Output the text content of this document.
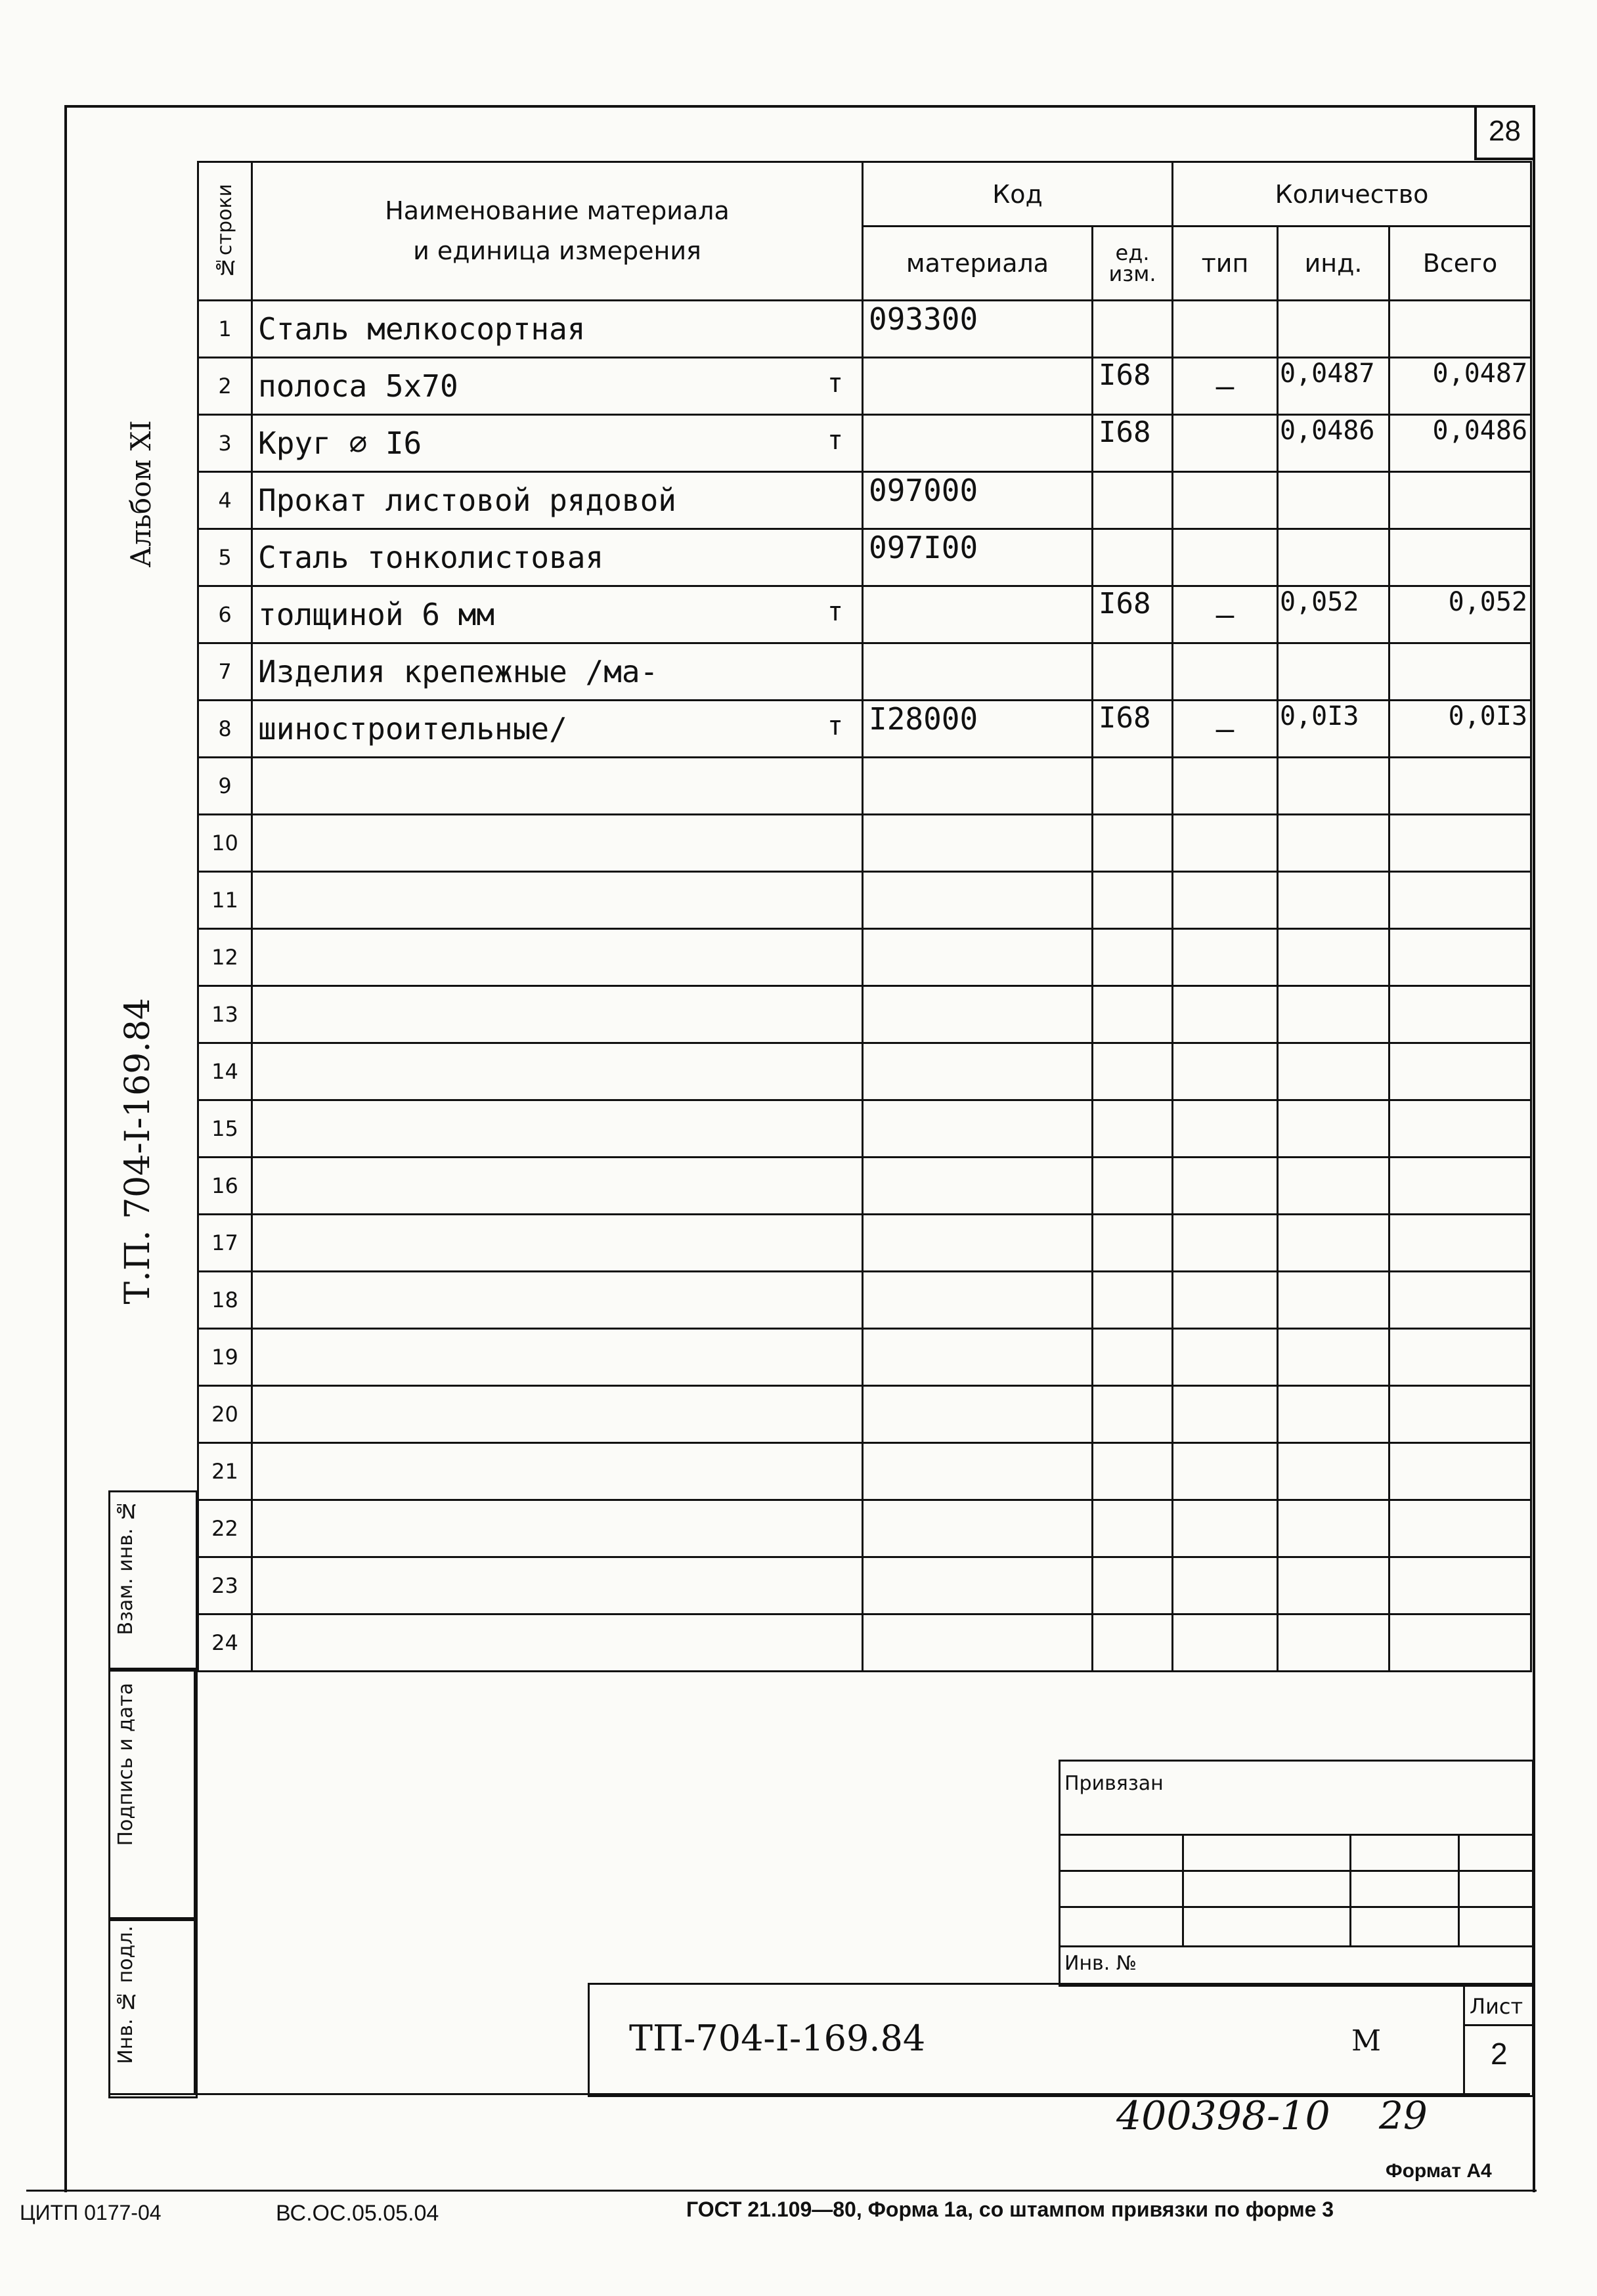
28
Альбом XI
Т.П. 704-I-169.84
№строки	Наименование материала
и единица измерения	Код		Количество		
		материала	ед. изм.	тип	инд.	Всего
1	Сталь мелкосортная	093300				
2	полоса 5х70 т		I68	–	0,0487	0,0487
3	Круг ∅ I6 т		I68		0,0486	0,0486
4	Прокат листовой рядовой	097000				
5	Сталь тонколистовая	097I00				
6	толщиной 6 мм т		I68	–	0,052	0,052
7	Изделия крепежные /ма-

8	шиностроительные/ т	I28000	I68	–	0,0I3	0,0I3
9	

10	

11	

12	

13	

14	

15	

16	

17	

18	

19	

20	

21	

22	

23	

24	

Взам. инв. №
Подпись и дата
Инв. № подл.
Привязан
Инв. №
ТП-704-I-169.84	М
Лист
2
400398-10 29
Формат А4
ЦИТП 0177-04	ВС.ОС.05.05.04	ГОСТ 21.109—80, Форма 1а, со штампом привязки по форме 3
